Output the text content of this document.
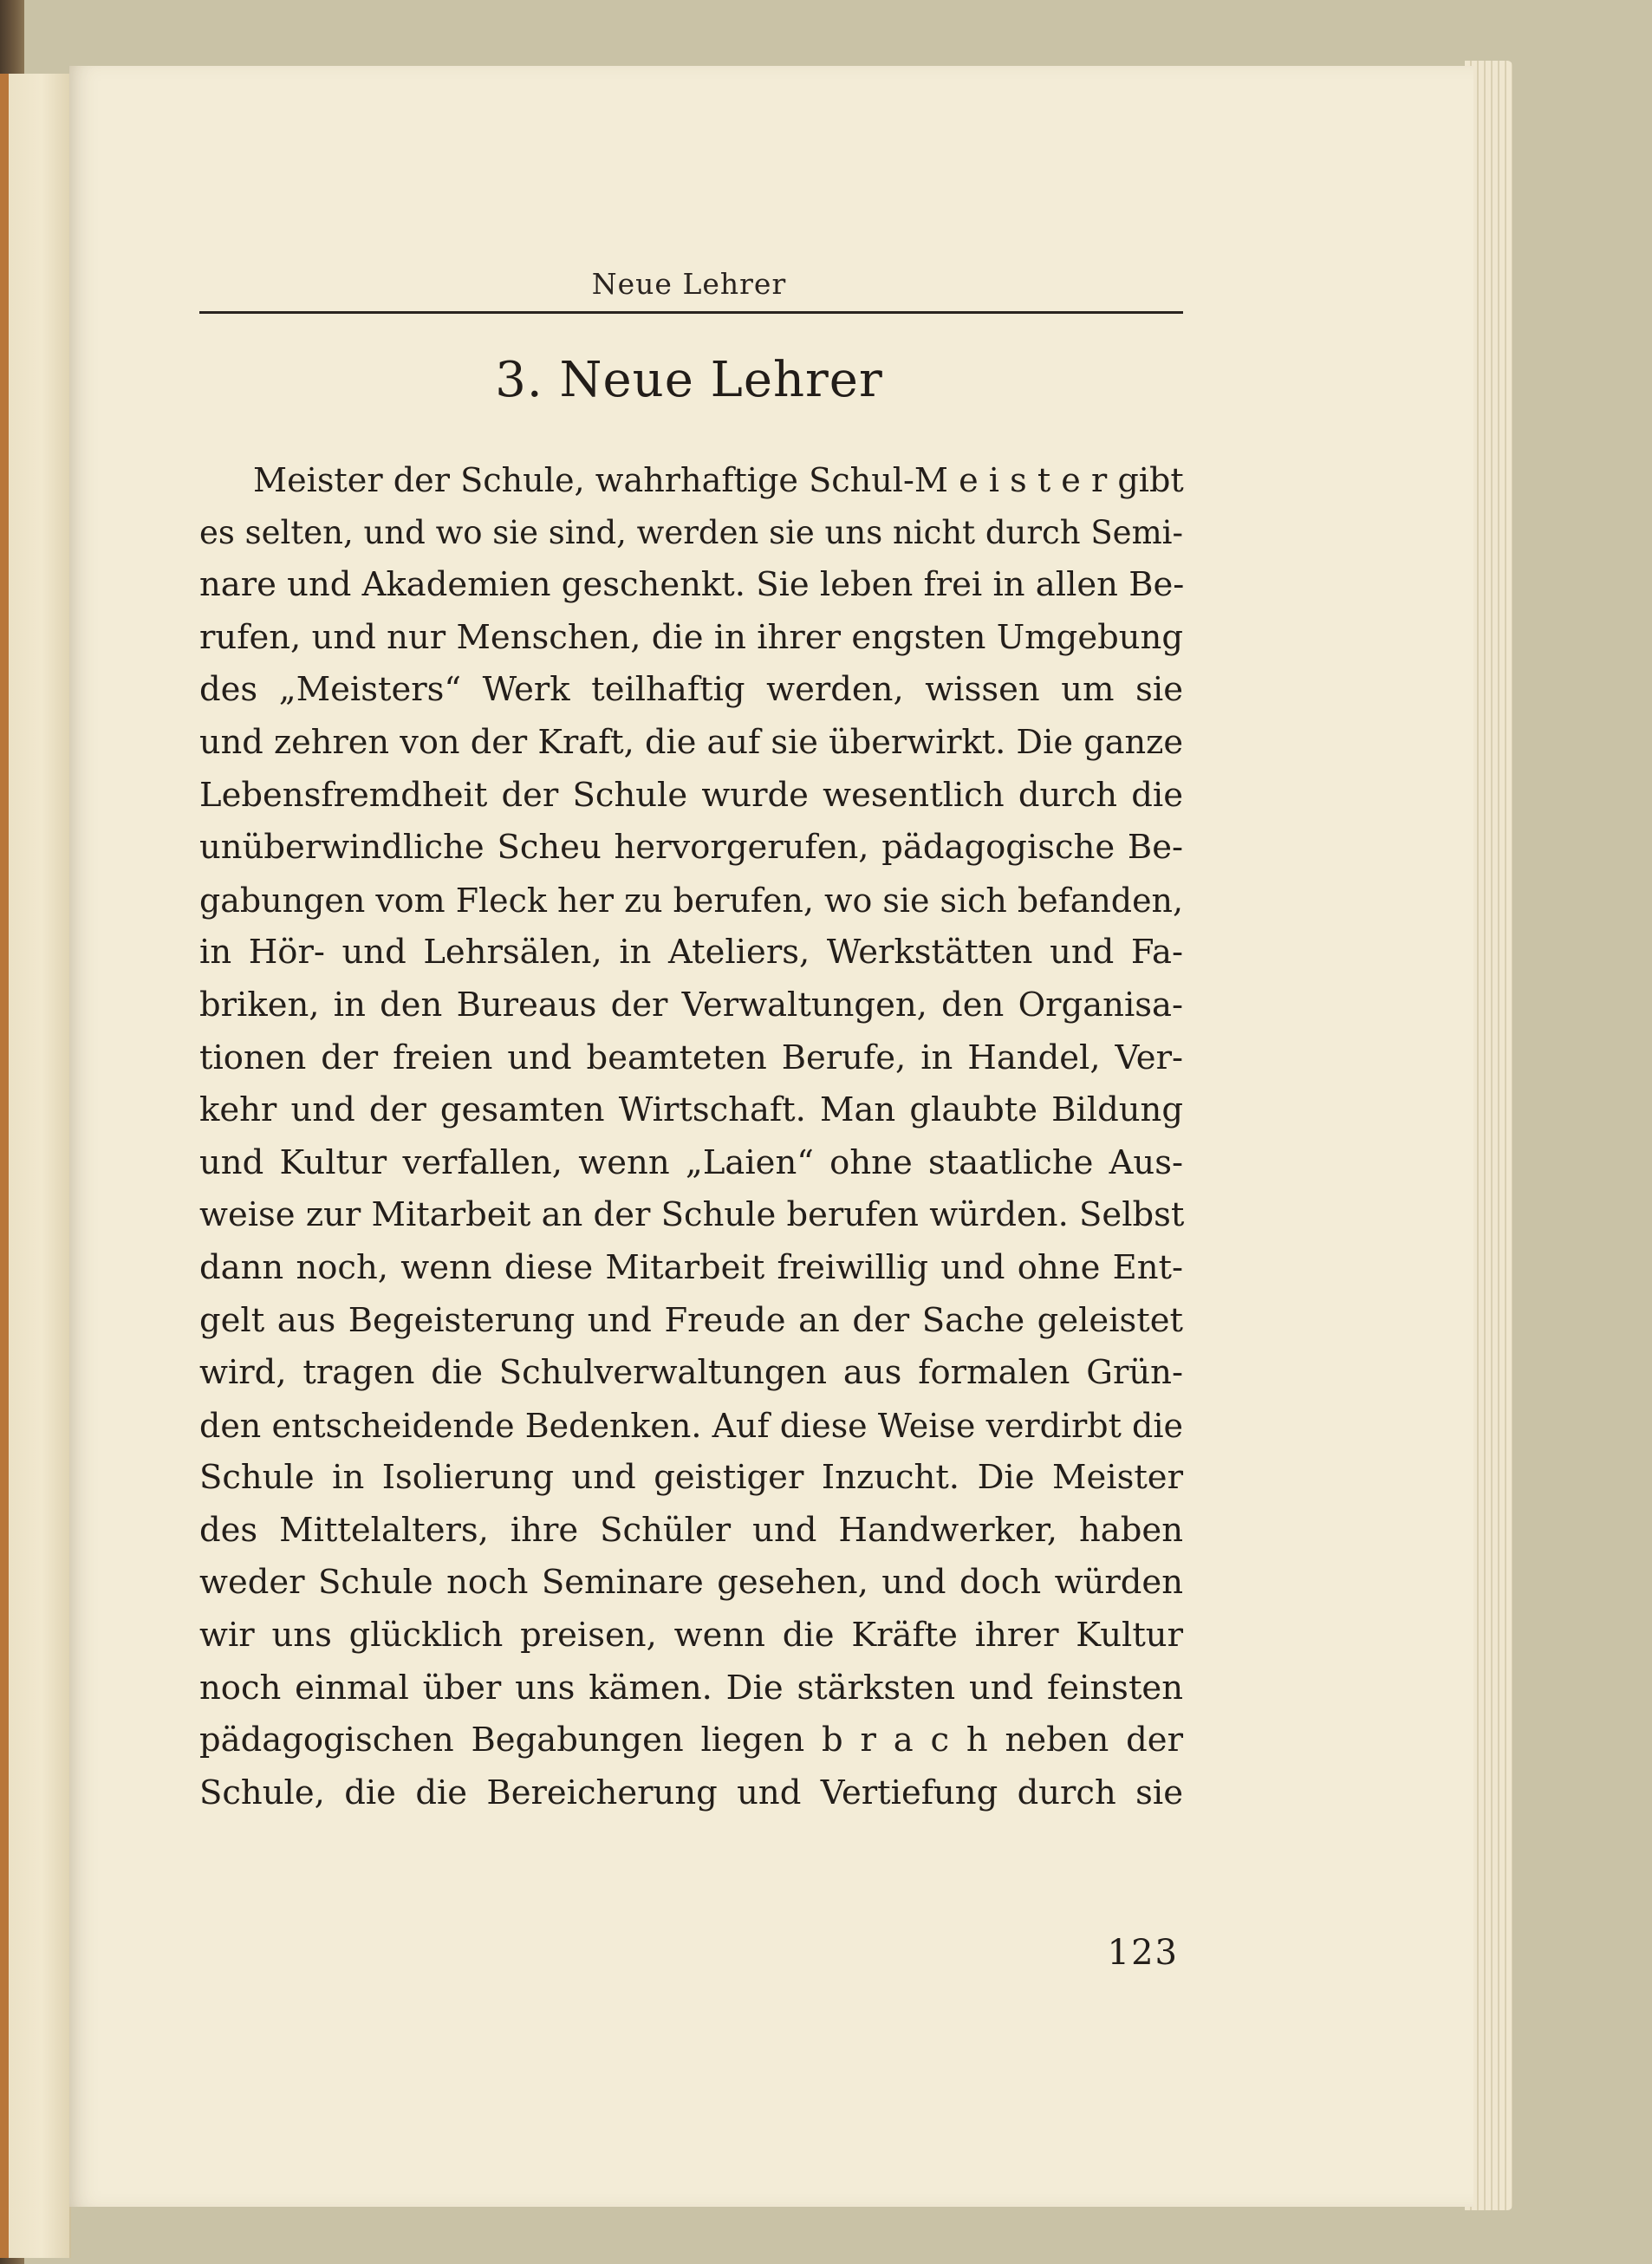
Neue Lehrer
3. Neue Lehrer
Meister der Schule, wahrhaftige Schul-M e i s t e r gibt
es selten, und wo sie sind, werden sie uns nicht durch Semi-
nare und Akademien geschenkt. Sie leben frei in allen Be-
rufen, und nur Menschen, die in ihrer engsten Umgebung
des „Meisters“ Werk teilhaftig werden, wissen um sie
und zehren von der Kraft, die auf sie überwirkt. Die ganze
Lebensfremdheit der Schule wurde wesentlich durch die
unüberwindliche Scheu hervorgerufen, pädagogische Be-
gabungen vom Fleck her zu berufen, wo sie sich befanden,
in Hör- und Lehrsälen, in Ateliers, Werkstätten und Fa-
briken, in den Bureaus der Verwaltungen, den Organisa-
tionen der freien und beamteten Berufe, in Handel, Ver-
kehr und der gesamten Wirtschaft. Man glaubte Bildung
und Kultur verfallen, wenn „Laien“ ohne staatliche Aus-
weise zur Mitarbeit an der Schule berufen würden. Selbst
dann noch, wenn diese Mitarbeit freiwillig und ohne Ent-
gelt aus Begeisterung und Freude an der Sache geleistet
wird, tragen die Schulverwaltungen aus formalen Grün-
den entscheidende Bedenken. Auf diese Weise verdirbt die
Schule in Isolierung und geistiger Inzucht. Die Meister
des Mittelalters, ihre Schüler und Handwerker, haben
weder Schule noch Seminare gesehen, und doch würden
wir uns glücklich preisen, wenn die Kräfte ihrer Kultur
noch einmal über uns kämen. Die stärksten und feinsten
pädagogischen Begabungen liegen b r a c h neben der
Schule, die die Bereicherung und Vertiefung durch sie
123
